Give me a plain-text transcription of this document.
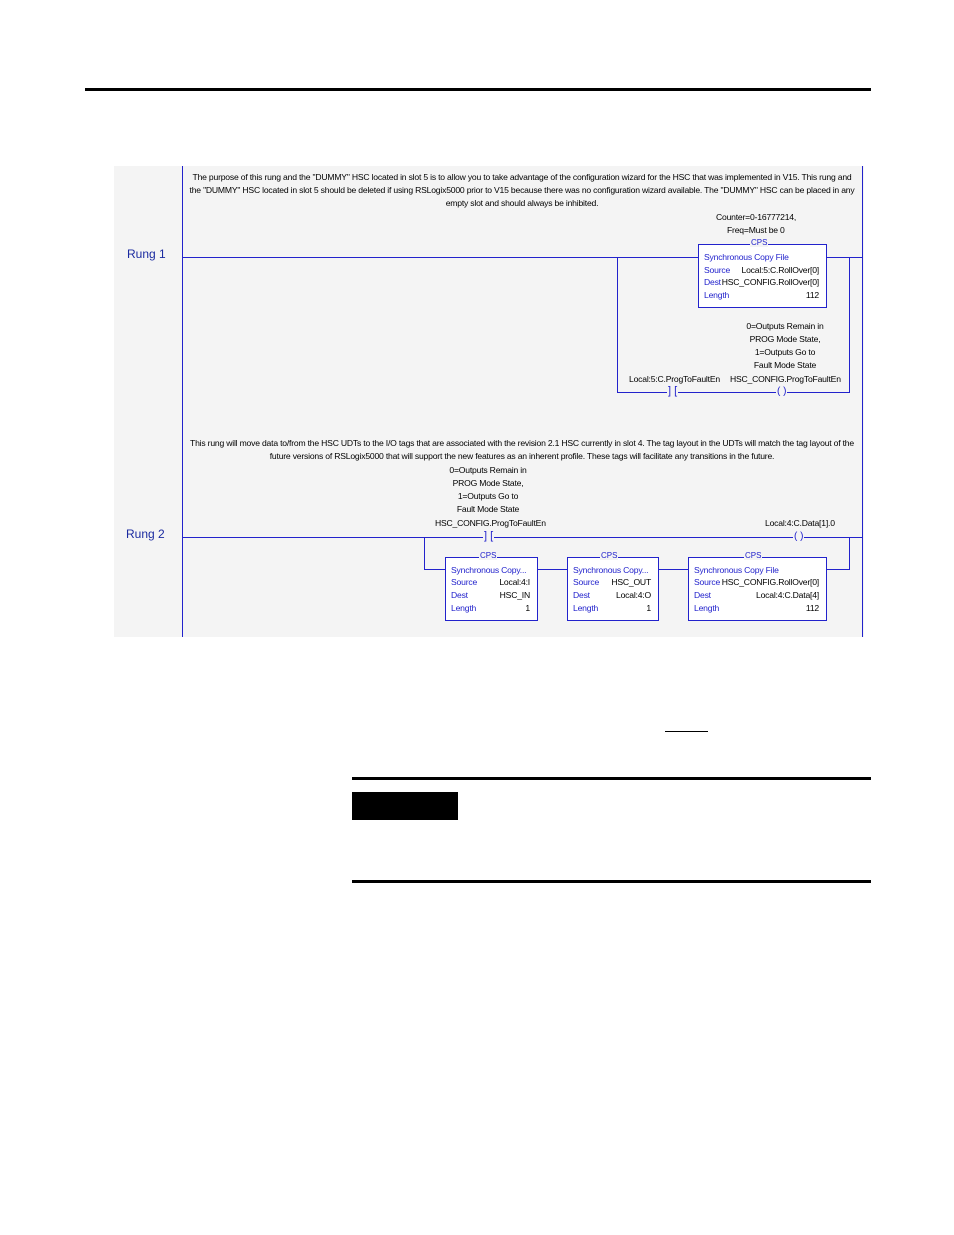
Rung 1
The purpose of this rung and the "DUMMY" HSC located in slot 5 is to allow you to take advantage of the configuration wizard for the HSC that was implemented in V15. This rung and
the "DUMMY" HSC located in slot 5 should be deleted if using RSLogix5000 prior to V15 because there was no configuration wizard available. The "DUMMY" HSC can be placed in any
empty slot and should always be inhibited.
Counter=0-16777214,
Freq=Must be 0
Synchronous Copy File
Source Local:5:C.RollOver[0]
Dest HSC_CONFIG.RollOver[0]
Length	112
CPS
0=Outputs Remain in
PROG Mode State,
1=Outputs Go to
Fault Mode State
Local:5:C.ProgToFaultEn HSC_CONFIG.ProgToFaultEn
] [	( )
Rung 2
This rung will move data to/from the HSC UDTs to the I/O tags that are associated with the revision 2.1 HSC currently in slot 4. The tag layout in the UDTs will match the tag layout of the
future versions of RSLogix5000 that will support the new features as an inherent profile. These tags will facilitate any transitions in the future.
0=Outputs Remain in
PROG Mode State,
1=Outputs Go to
Fault Mode State
HSC_CONFIG.ProgToFaultEn	Local:4:C.Data[1].0
] [	( )
Synchronous Copy...
Source	Local:4:I
Dest	HSC_IN
Length	1
CPS
Synchronous Copy...
Source HSC_OUT
Dest	Local:4:O
Length	1
CPS
Synchronous Copy File
Source HSC_CONFIG.RollOver[0]
Dest	Local:4:C.Data[4]
Length	112
CPS
